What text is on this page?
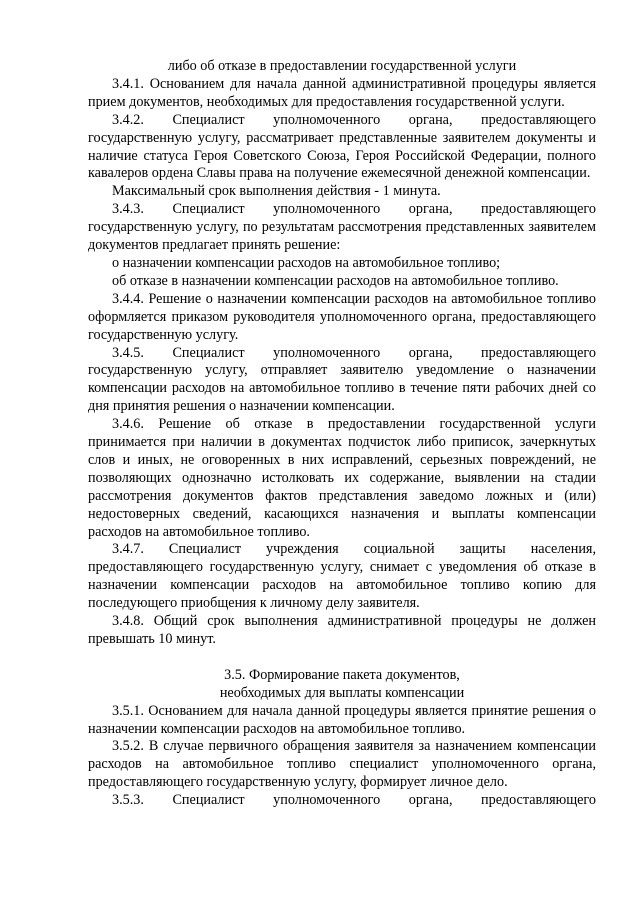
либо об отказе в предоставлении государственной услуги

3.4.1. Основанием для начала данной административной процедуры является прием документов, необходимых для предоставления государственной услуги.

3.4.2. Специалист уполномоченного органа, предоставляющего государственную услугу, рассматривает представленные заявителем документы и наличие статуса Героя Советского Союза, Героя Российской Федерации, полного кавалеров ордена Славы права на получение ежемесячной денежной компенсации.

Максимальный срок выполнения действия - 1 минута.

3.4.3. Специалист уполномоченного органа, предоставляющего государственную услугу, по результатам рассмотрения представленных заявителем документов предлагает принять решение:

о назначении компенсации расходов на автомобильное топливо;

об отказе в назначении компенсации расходов на автомобильное топливо.

3.4.4. Решение о назначении компенсации расходов на автомобильное топливо оформляется приказом руководителя уполномоченного органа, предоставляющего государственную услугу.

3.4.5. Специалист уполномоченного органа, предоставляющего государственную услугу, отправляет заявителю уведомление о назначении компенсации расходов на автомобильное топливо в течение пяти рабочих дней со дня принятия решения о назначении компенсации.

3.4.6. Решение об отказе в предоставлении государственной услуги принимается при наличии в документах подчисток либо приписок, зачеркнутых слов и иных, не оговоренных в них исправлений, серьезных повреждений, не позволяющих однозначно истолковать их содержание, выявлении на стадии рассмотрения документов фактов представления заведомо ложных и (или) недостоверных сведений, касающихся назначения и выплаты компенсации расходов на автомобильное топливо.

3.4.7. Специалист учреждения социальной защиты населения, предоставляющего государственную услугу, снимает с уведомления об отказе в назначении компенсации расходов на автомобильное топливо копию для последующего приобщения к личному делу заявителя.

3.4.8. Общий срок выполнения административной процедуры не должен превышать 10 минут.

3.5. Формирование пакета документов,

необходимых для выплаты компенсации

3.5.1. Основанием для начала данной процедуры является принятие решения о назначении компенсации расходов на автомобильное топливо.

3.5.2. В случае первичного обращения заявителя за назначением компенсации расходов на автомобильное топливо специалист уполномоченного органа, предоставляющего государственную услугу, формирует личное дело.

3.5.3. Специалист уполномоченного органа, предоставляющего
